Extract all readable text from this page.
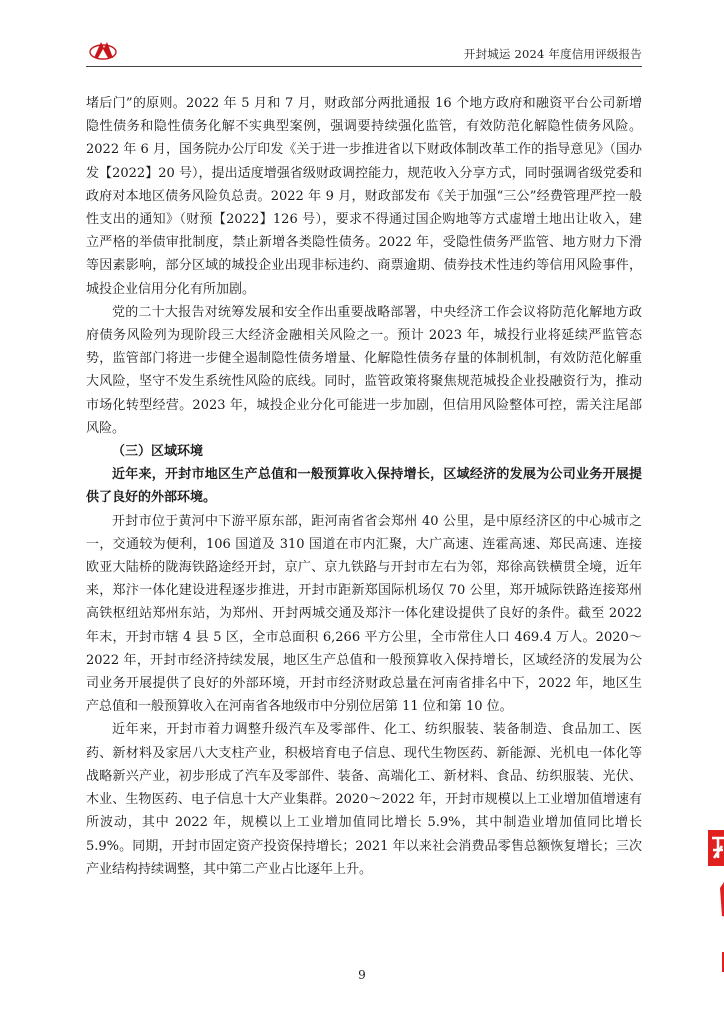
开封城运 2024 年度信用评级报告

堵后门”的原则。2022 年 5 月和 7 月，财政部分两批通报 16 个地方政府和融资平台公司新增隐性债务和隐性债务化解不实典型案例，强调要持续强化监管，有效防范化解隐性债务风险。2022 年 6 月，国务院办公厅印发《关于进一步推进省以下财政体制改革工作的指导意见》（国办发【2022】20 号），提出适度增强省级财政调控能力，规范收入分享方式，同时强调省级党委和政府对本地区债务风险负总责。2022 年 9 月，财政部发布《关于加强“三公”经费管理严控一般性支出的通知》（财预【2022】126 号），要求不得通过国企购地等方式虚增土地出让收入，建立严格的举债审批制度，禁止新增各类隐性债务。2022 年，受隐性债务严监管、地方财力下滑等因素影响，部分区域的城投企业出现非标违约、商票逾期、债券技术性违约等信用风险事件，城投企业信用分化有所加剧。

党的二十大报告对统筹发展和安全作出重要战略部署，中央经济工作会议将防范化解地方政府债务风险列为现阶段三大经济金融相关风险之一。预计 2023 年，城投行业将延续严监管态势，监管部门将进一步健全遏制隐性债务增量、化解隐性债务存量的体制机制，有效防范化解重大风险，坚守不发生系统性风险的底线。同时，监管政策将聚焦规范城投企业投融资行为，推动市场化转型经营。2023 年，城投企业分化可能进一步加剧，但信用风险整体可控，需关注尾部风险。

（三）区域环境

近年来，开封市地区生产总值和一般预算收入保持增长，区域经济的发展为公司业务开展提供了良好的外部环境。

开封市位于黄河中下游平原东部，距河南省省会郑州 40 公里，是中原经济区的中心城市之一，交通较为便利，106 国道及 310 国道在市内汇聚，大广高速、连霍高速、郑民高速、连接欧亚大陆桥的陇海铁路途经开封，京广、京九铁路与开封市左右为邻，郑徐高铁横贯全境，近年来，郑汴一体化建设进程逐步推进，开封市距新郑国际机场仅 70 公里，郑开城际铁路连接郑州高铁枢纽站郑州东站，为郑州、开封两城交通及郑汴一体化建设提供了良好的条件。截至 2022 年末，开封市辖 4 县 5 区，全市总面积 6,266 平方公里，全市常住人口 469.4 万人。2020～2022 年，开封市经济持续发展，地区生产总值和一般预算收入保持增长，区域经济的发展为公司业务开展提供了良好的外部环境，开封市经济财政总量在河南省排名中下，2022 年，地区生产总值和一般预算收入在河南省各地级市中分别位居第 11 位和第 10 位。

近年来，开封市着力调整升级汽车及零部件、化工、纺织服装、装备制造、食品加工、医药、新材料及家居八大支柱产业，积极培育电子信息、现代生物医药、新能源、光机电一体化等战略新兴产业，初步形成了汽车及零部件、装备、高端化工、新材料、食品、纺织服装、光伏、木业、生物医药、电子信息十大产业集群。2020～2022 年，开封市规模以上工业增加值增速有所波动，其中 2022 年，规模以上工业增加值同比增长 5.9%，其中制造业增加值同比增长 5.9%。同期，开封市固定资产投资保持增长；2021 年以来社会消费品零售总额恢复增长；三次产业结构持续调整，其中第二产业占比逐年上升。

9
